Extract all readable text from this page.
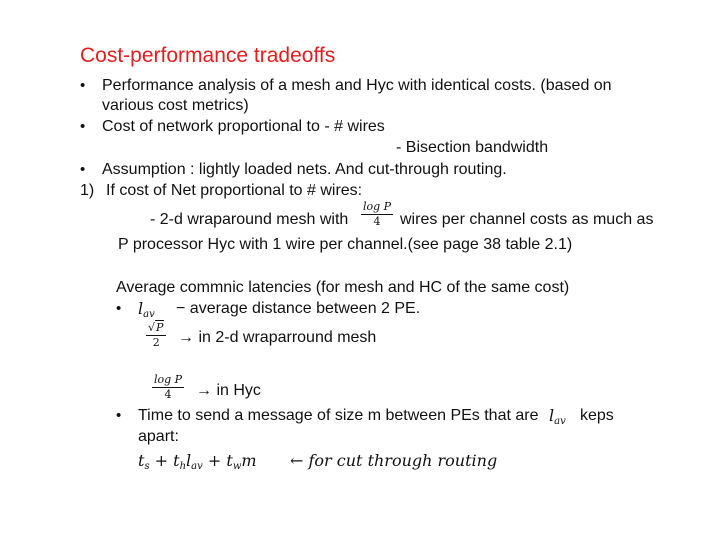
Cost-performance tradeoffs
• Performance analysis of a mesh and Hyc with identical costs. (based on
various cost metrics)
• Cost of network proportional to - # wires
- Bisection bandwidth
• Assumption : lightly loaded nets. And cut-through routing.
1) If cost of Net proportional to # wires:
- 2-d wraparound mesh with $\frac{\text{log P}}{4}$ wires per channel costs as much as
P processor Hyc with 1 wire per channel.(see page 38 table 2.1)
Average commnic latencies (for mesh and HC of the same cost)
• $l_{av}$ − average distance between 2 PE.
$\frac{√P}{2}$ → in 2-d wraparround mesh
$\frac{\text{log P}}{4}$ → in Hyc
• Time to send a message of size m between PEs that are $l_{av}$ keps
apart:
$t_s + t_hl_{av} + t_wm$ ← for cut through routing
